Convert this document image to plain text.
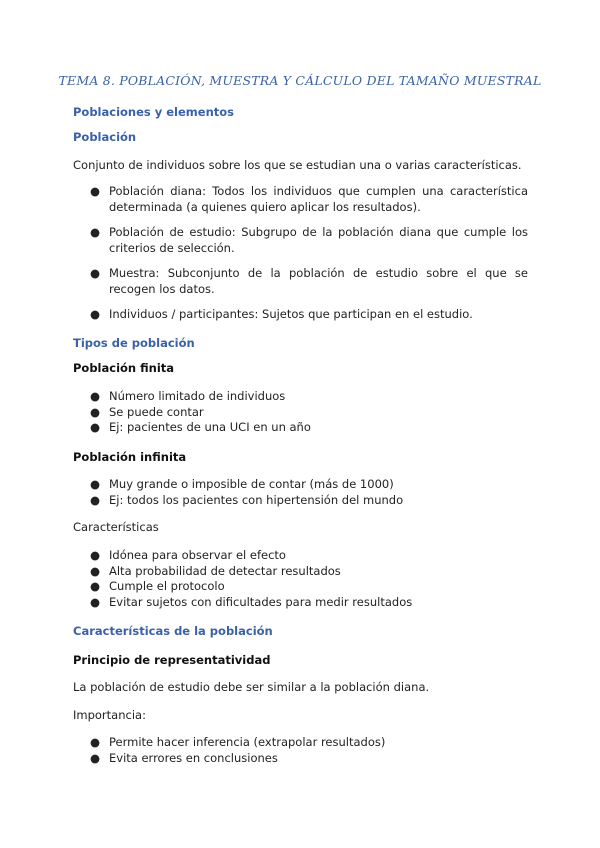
TEMA 8. POBLACIÓN, MUESTRA Y CÁLCULO DEL TAMAÑO MUESTRAL
Poblaciones y elementos
Población
Conjunto de individuos sobre los que se estudian una o varias características.
● Población diana: Todos los individuos que cumplen una característica determinada (a quienes quiero aplicar los resultados).
● Población de estudio: Subgrupo de la población diana que cumple los criterios de selección.
● Muestra: Subconjunto de la población de estudio sobre el que se recogen los datos.
● Individuos / participantes: Sujetos que participan en el estudio.
Tipos de población
Población finita
● Número limitado de individuos
● Se puede contar
● Ej: pacientes de una UCI en un año
Población infinita
● Muy grande o imposible de contar (más de 1000)
● Ej: todos los pacientes con hipertensión del mundo
Características
● Idónea para observar el efecto
● Alta probabilidad de detectar resultados
● Cumple el protocolo
● Evitar sujetos con dificultades para medir resultados
Características de la población
Principio de representatividad
La población de estudio debe ser similar a la población diana.
Importancia:
● Permite hacer inferencia (extrapolar resultados)
● Evita errores en conclusiones
